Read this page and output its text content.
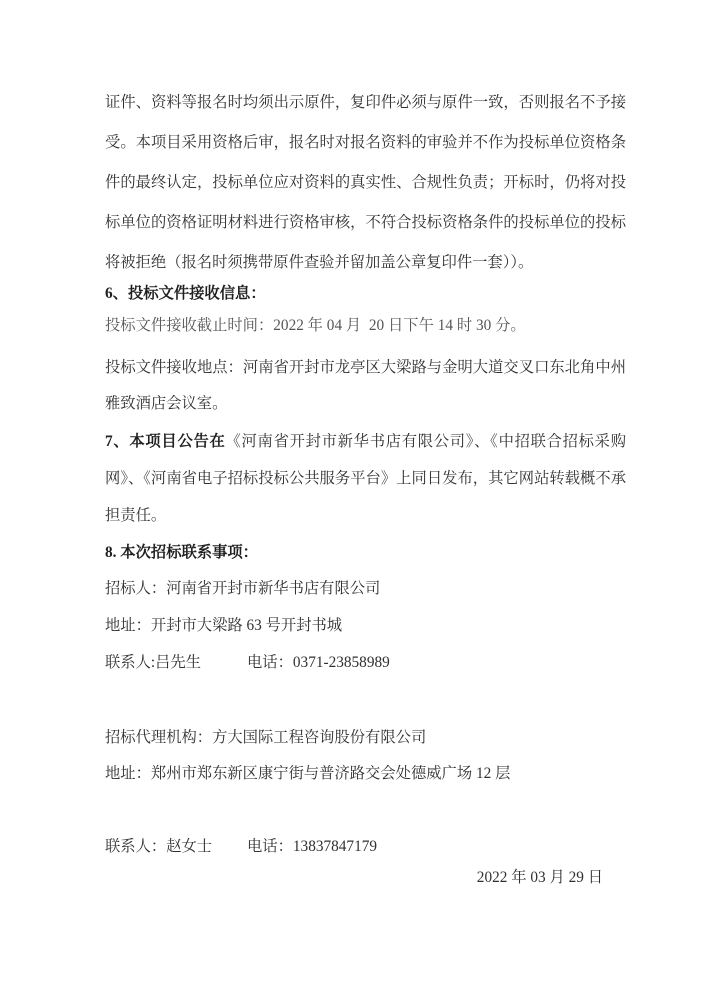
证件、资料等报名时均须出示原件，复印件必须与原件一致，否则报名不予接受。本项目采用资格后审，报名时对报名资料的审验并不作为投标单位资格条件的最终认定，投标单位应对资料的真实性、合规性负责；开标时，仍将对投标单位的资格证明材料进行资格审核，不符合投标资格条件的投标单位的投标将被拒绝（报名时须携带原件查验并留加盖公章复印件一套））。

6、投标文件接收信息：

投标文件接收截止时间：2022 年 04 月  20 日下午 14 时 30 分。

投标文件接收地点：河南省开封市龙亭区大梁路与金明大道交叉口东北角中州雅致酒店会议室。

7、本项目公告在《河南省开封市新华书店有限公司》、《中招联合招标采购网》、《河南省电子招标投标公共服务平台》上同日发布，其它网站转载概不承担责任。

8. 本次招标联系事项：

招标人：河南省开封市新华书店有限公司

地址：开封市大梁路 63 号开封书城

联系人:吕先生	电话：0371-23858989

招标代理机构：方大国际工程咨询股份有限公司

地址：郑州市郑东新区康宁街与普济路交会处德威广场 12 层

联系人：赵女士 电话：13837847179

2022 年 03 月 29 日
